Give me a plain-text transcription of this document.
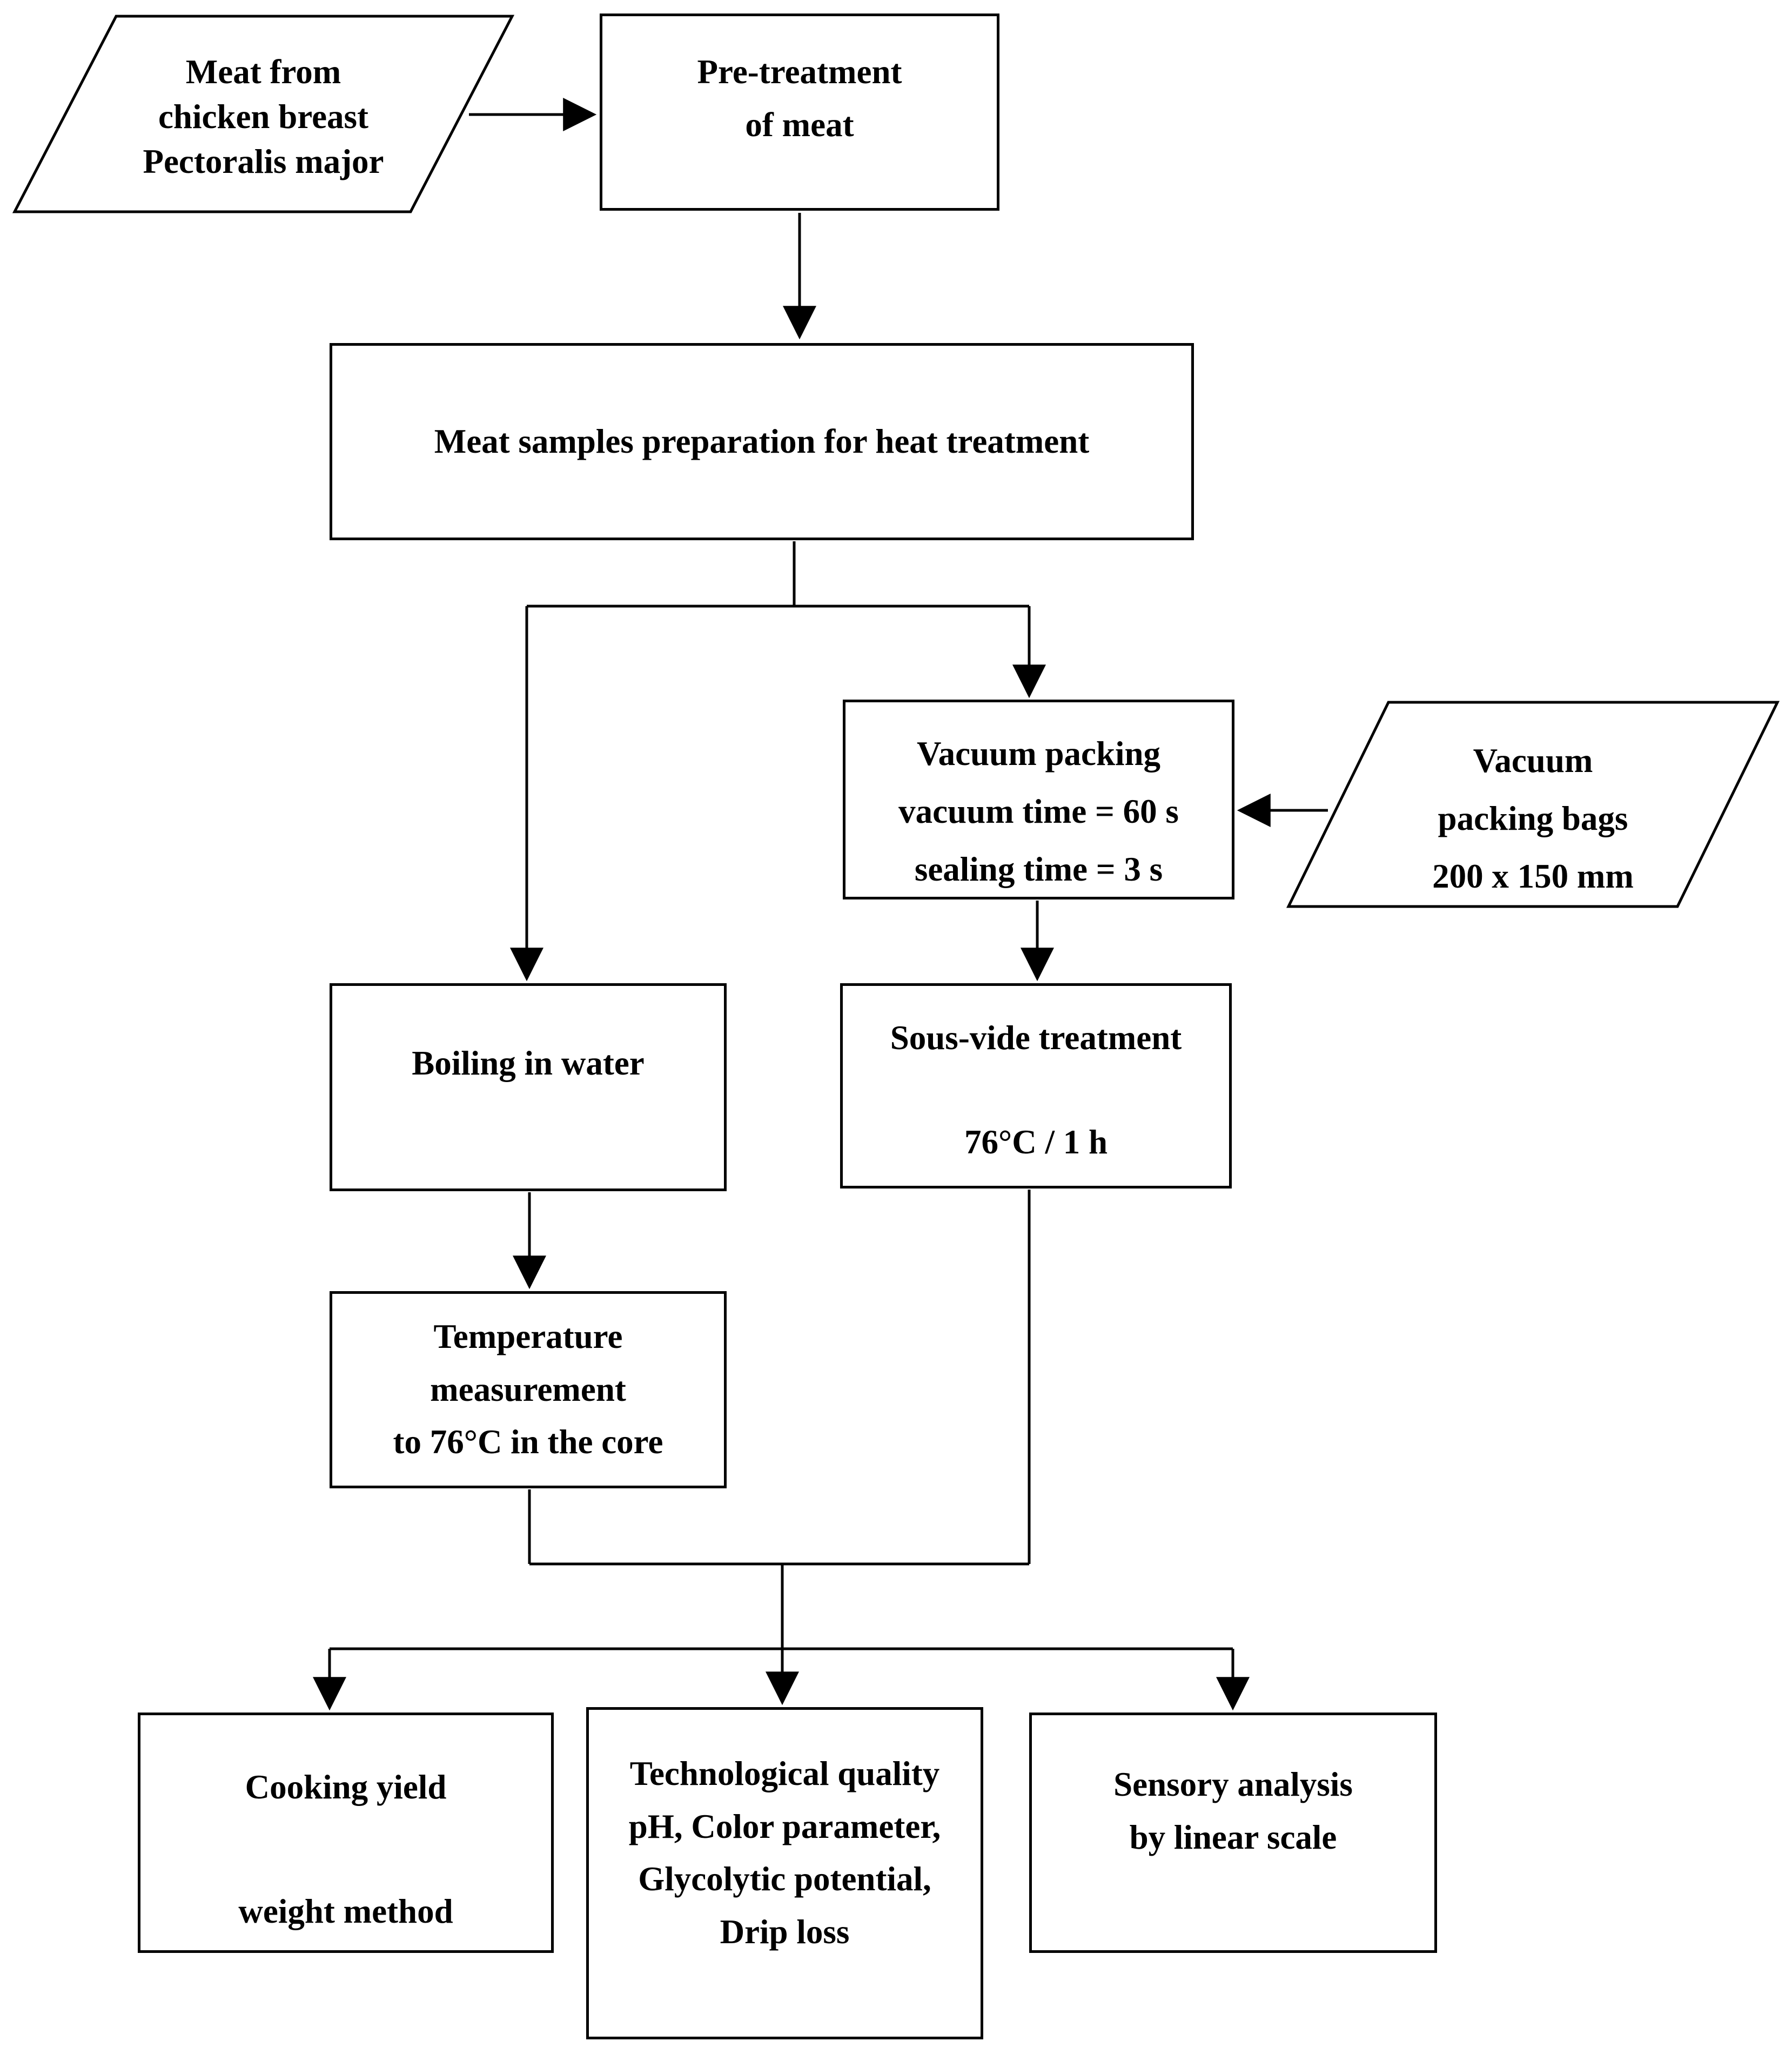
Meat from
chicken breast
Pectoralis major
Vacuum
packing bags
200 x 150 mm
Pre-treatment
of meat
Meat samples preparation for heat treatment
Vacuum packing
vacuum time = 60 s
sealing time = 3 s
Boiling in water
Sous-vide treatment
76°C / 1 h
Temperature
measurement
to 76°C in the core
Cooking yield
weight method
Technological quality
pH, Color parameter,
Glycolytic potential,
Drip loss
Sensory analysis
by linear scale
